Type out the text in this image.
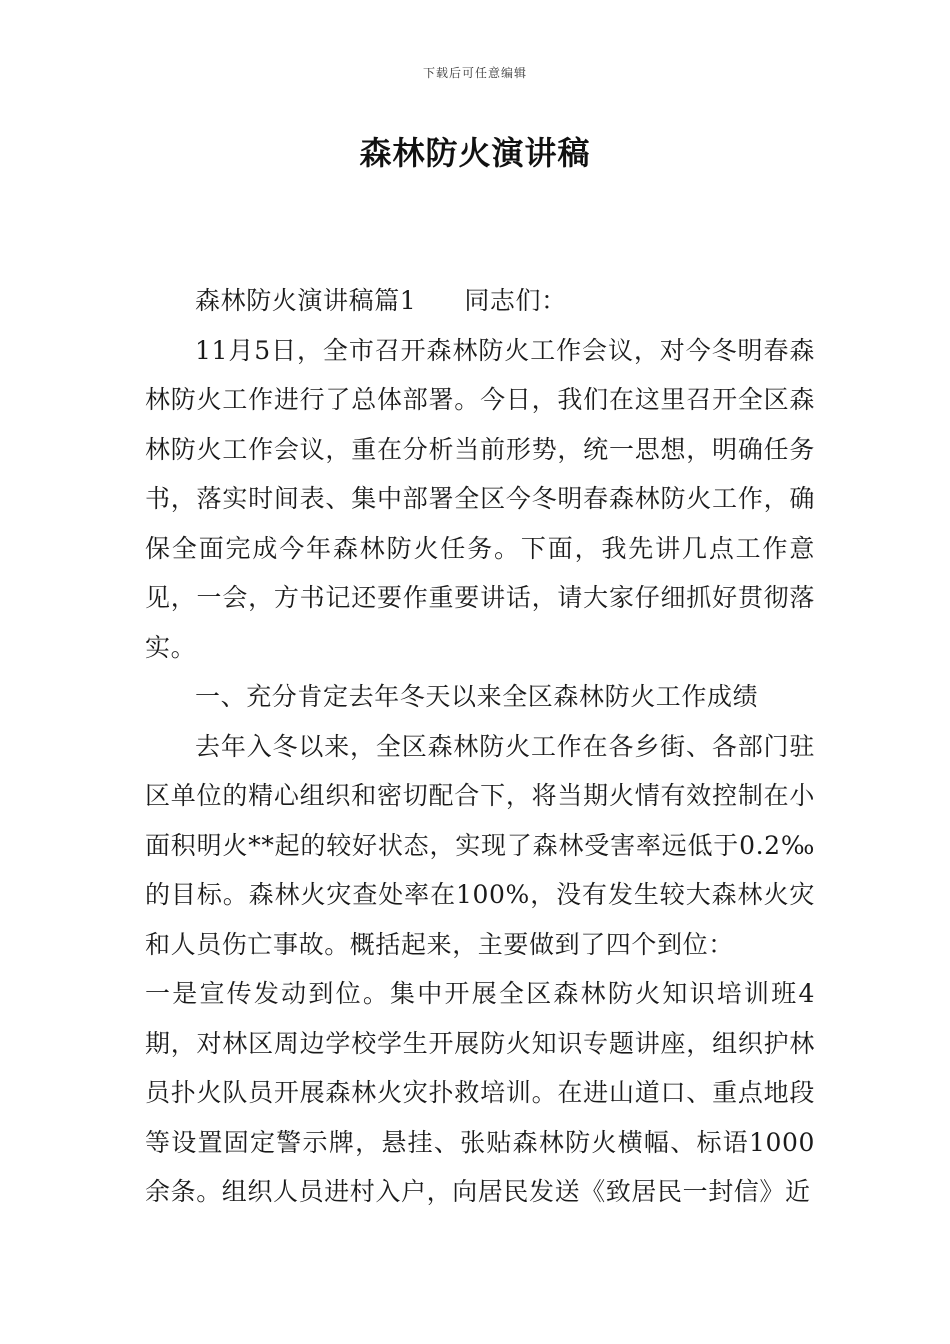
下载后可任意编辑
森林防火演讲稿

森林防火演讲稿篇1 同志们：

11月5日，全市召开森林防火工作会议，对今冬明春森林防火工作进行了总体部署。今日，我们在这里召开全区森林防火工作会议，重在分析当前形势，统一思想，明确任务书，落实时间表、集中部署全区今冬明春森林防火工作，确保全面完成今年森林防火任务。下面，我先讲几点工作意见，一会，方书记还要作重要讲话，请大家仔细抓好贯彻落实。

一、充分肯定去年冬天以来全区森林防火工作成绩

去年入冬以来，全区森林防火工作在各乡街、各部门驻区单位的精心组织和密切配合下，将当期火情有效控制在小面积明火**起的较好状态，实现了森林受害率远低于0.2‰的目标。森林火灾查处率在100%，没有发生较大森林火灾和人员伤亡事故。概括起来，主要做到了四个到位：

一是宣传发动到位。集中开展全区森林防火知识培训班4期，对林区周边学校学生开展防火知识专题讲座，组织护林员扑火队员开展森林火灾扑救培训。在进山道口、重点地段等设置固定警示牌，悬挂、张贴森林防火横幅、标语1000余条。组织人员进村入户，向居民发送《致居民一封信》近
